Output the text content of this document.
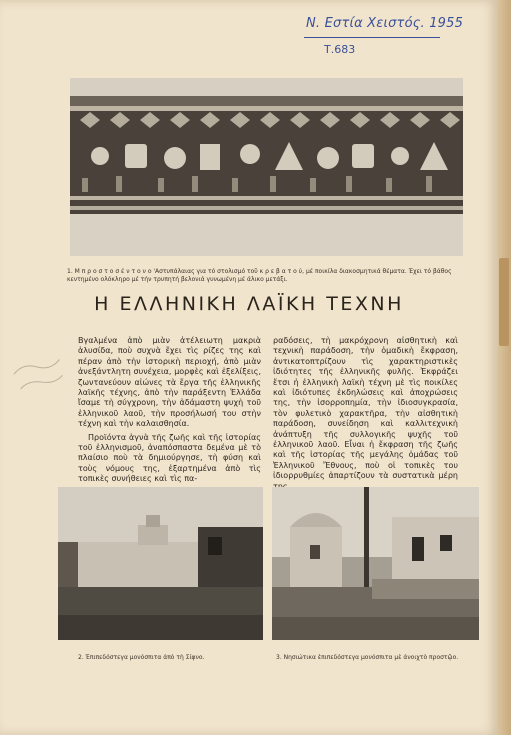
N. Εστία Χειστός. 1955
Τ.683
1. Μ π ρ ο σ τ ο σ έ ν τ ο ν ο 'Αστυπάλαιας για τό στολισμό τοῦ κ ρ ε β α τ ο ύ, μέ ποικίλα διακοσμητικά θέματα. Έχει τό βάθος κεντημένο ολόκληρο μέ τήν τρυπητή βελονιά γυνωμένη μέ άλικο μετάξι.
Η ΕΛΛΗΝΙΚΗ ΛΑΪΚΗ ΤΕΧΝΗ

Βγαλμένα ἀπὸ μιὰν ἀτέλειωτη μακριὰ ἁλυσίδα, ποὺ συχνὰ ἔχει τὶς ρίζες της καὶ πέραν ἀπὸ τὴν ἱστορικὴ περιοχή, ἀπὸ μιὰν ἀνεξάντλητη συνέχεια, μορφὲς καὶ ἐξελίξεις, ζωντανεύουν αἰώνες τὰ ἔργα τῆς ἑλληνικῆς λαϊκῆς τέχνης, ἀπὸ τὴν παράξεντη Ἑλλάδα ἴσαμε τὴ σύγχρονη, τὴν ἀδάμαστη ψυχὴ τοῦ ἑλληνικοῦ λαοῦ, τὴν προσήλωσή του στὴν τέχνη καὶ τὴν καλαισθησία.

Προϊόντα ἁγνὰ τῆς ζωῆς καὶ τῆς ἱστορίας τοῦ ἑλληνισμοῦ, ἀναπόσπαστα δεμένα μὲ τὸ πλαίσιο ποὺ τὰ δημιούργησε, τὴ φύση καὶ τοὺς νόμους της, ἐξαρτημένα ἀπὸ τὶς τοπικὲς συνήθειες καὶ τὶς πα-

ραδόσεις, τὴ μακρόχρονη αἰσθητικὴ καὶ τεχνικὴ παράδοση, τὴν ὁμαδικὴ ἔκφραση, ἀντικατοπτρίζουν τὶς χαρακτηριστικὲς ἰδιότητες τῆς ἑλληνικῆς φυλῆς. Ἐκφράζει ἔτσι ἡ ἑλληνικὴ λαϊκὴ τέχνη μὲ τὶς ποικίλες καὶ ἰδιότυπες ἐκδηλώσεις καὶ ἀποχρώσεις της, τὴν ἰσορροπημία, τὴν ἰδιοσυγκρασία, τὸν φυλετικὸ χαρακτῆρα, τὴν αἰσθητικὴ παράδοση, συνείδηση καὶ καλλιτεχνικὴ ἀνάπτυξη τῆς συλλογικῆς ψυχῆς τοῦ ἑλληνικοῦ λαοῦ. Εἶναι ἡ ἔκφραση τῆς ζωῆς καὶ τῆς ἱστορίας τῆς μεγάλης ὁμάδας τοῦ Ἑλληνικοῦ Ἔθνους, ποὺ οἱ τοπικὲς του ἰδιορρυθμίες ἀπαρτίζουν τὰ συστατικὰ μέρη

2. Ἐπιπεδόστεγα μονόσπιτα ἀπὸ τὴ Σίφνο.	3. Νησιώτικα ἐπιπεδόστεγα μονόσπιτα μὲ ἀνοιχτὸ προστῷο.
